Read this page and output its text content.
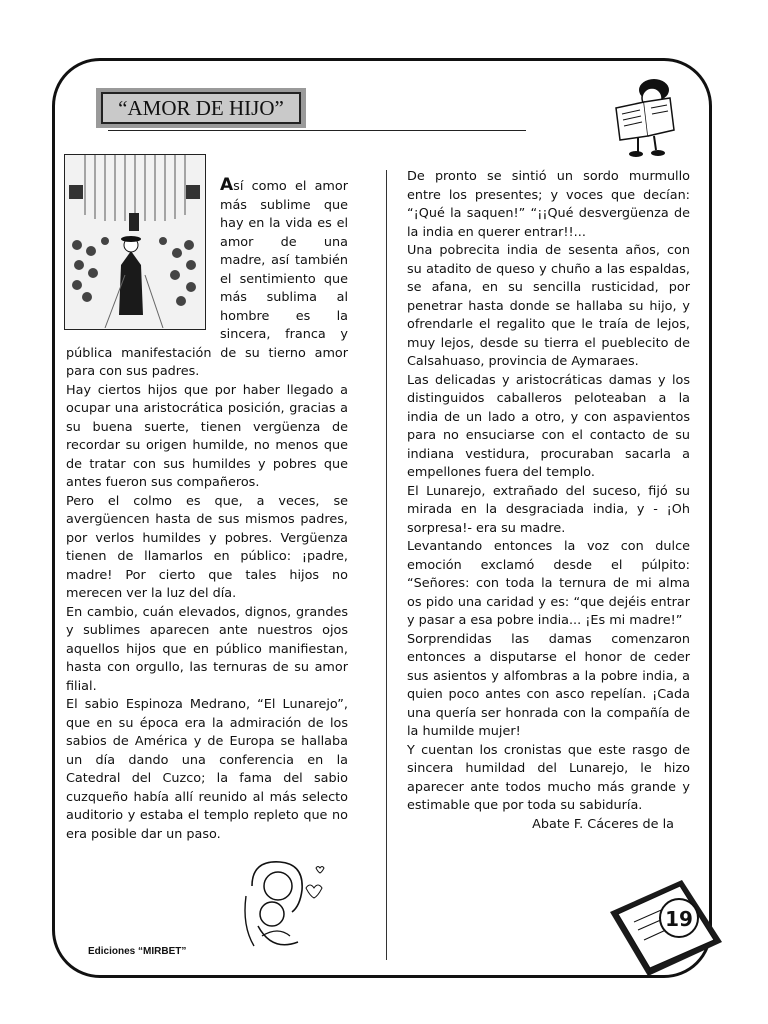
“AMOR DE HIJO”

Así como el amor más sublime que hay en la vida es el amor de una madre, así también el sentimiento que más sublima al hombre es la sincera, franca y pública manifestación de su tierno amor para con sus padres.

Hay ciertos hijos que por haber llegado a ocupar una aristocrática posición, gracias a su buena suerte, tienen vergüenza de recordar su origen humilde, no menos que de tratar con sus humildes y pobres que antes fueron sus compañeros.

Pero el colmo es que, a veces, se avergüencen hasta de sus mismos padres, por verlos humildes y pobres. Vergüenza tienen de llamarlos en público: ¡padre, madre! Por cierto que tales hijos no merecen ver la luz del día.

En cambio, cuán elevados, dignos, grandes y sublimes aparecen ante nuestros ojos aquellos hijos que en público manifiestan, hasta con orgullo, las ternuras de su amor filial.

El sabio Espinoza Medrano, “El Lunarejo”, que en su época era la admiración de los sabios de América y de Europa se hallaba un día dando una conferencia en la Catedral del Cuzco; la fama del sabio cuzqueño había allí reunido al más selecto auditorio y estaba el templo repleto que no era posible dar un paso.

De pronto se sintió un sordo murmullo entre los presentes; y voces que decían: “¡Qué la saquen!” “¡¡Qué desvergüenza de la india en querer entrar!!...

Una pobrecita india de sesenta años, con su atadito de queso y chuño a las espaldas, se afana, en su sencilla rusticidad, por penetrar hasta donde se hallaba su hijo, y ofrendarle el regalito que le traía de lejos, muy lejos, desde su tierra el pueblecito de Calsahuaso, provincia de Aymaraes.

Las delicadas y aristocráticas damas y los distinguidos caballeros peloteaban a la india de un lado a otro, y con aspavientos para no ensuciarse con el contacto de su indiana vestidura, procuraban sacarla a empellones fuera del templo.

El Lunarejo, extrañado del suceso, fijó su mirada en la desgraciada india, y - ¡Oh sorpresa!- era su madre.

Levantando entonces la voz con dulce emoción exclamó desde el púlpito: “Señores: con toda la ternura de mi alma os pido una caridad y es: “que dejéis entrar y pasar a esa pobre india... ¡Es mi madre!”

Sorprendidas las damas comenzaron entonces a disputarse el honor de ceder sus asientos y alfombras a la pobre india, a quien poco antes con asco repelían. ¡Cada una quería ser honrada con la compañía de la humilde mujer!

Y cuentan los cronistas que este rasgo de sincera humildad del Lunarejo, le hizo aparecer ante todos mucho más grande y estimable que por toda su sabiduría.

Abate F. Cáceres de la

Ediciones “MIRBET”
19
